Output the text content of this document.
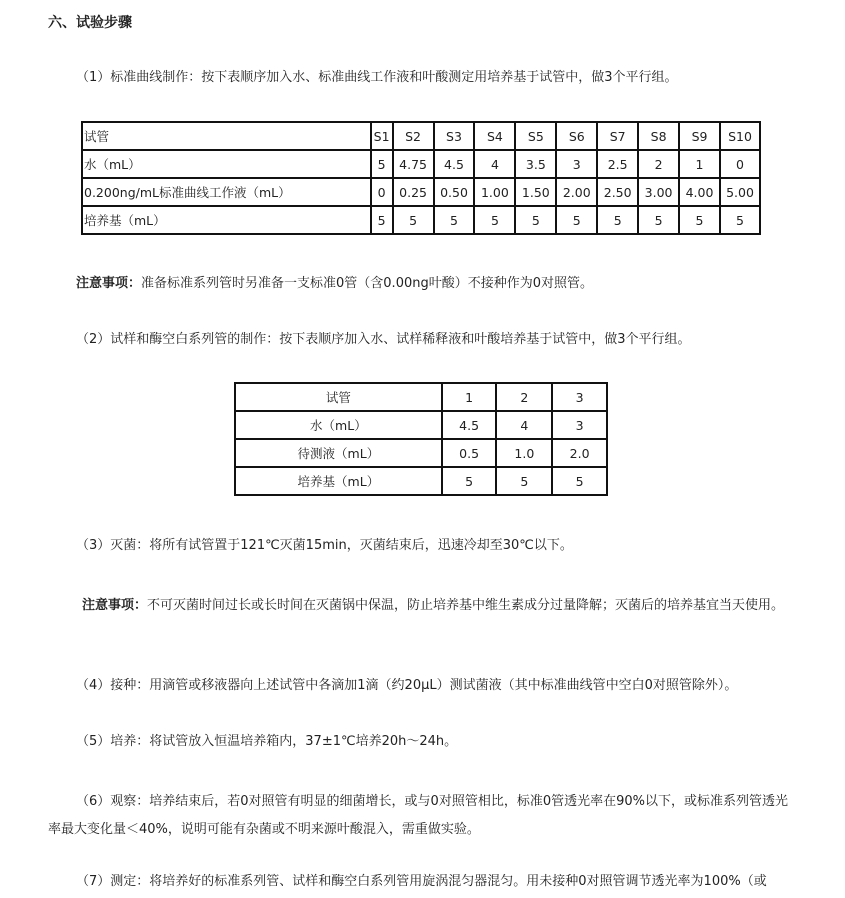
六、试验步骤
（1）标准曲线制作：按下表顺序加入水、标准曲线工作液和叶酸测定用培养基于试管中，做3个平行组。
试管	S1	S2	S3	S4	S5	S6	S7	S8	S9	S10
水（mL）	5	4.75	4.5	4	3.5	3	2.5	2	1	0
0.200ng/mL标准曲线工作液（mL）	0	0.25	0.50	1.00	1.50	2.00	2.50	3.00	4.00	5.00
培养基（mL）	5	5	5	5	5	5	5	5	5	5
注意事项：准备标准系列管时另准备一支标准0管（含0.00ng叶酸）不接种作为0对照管。
（2）试样和酶空白系列管的制作：按下表顺序加入水、试样稀释液和叶酸培养基于试管中，做3个平行组。
试管	1	2	3
水（mL）	4.5	4	3
待测液（mL）	0.5	1.0	2.0
培养基（mL）	5	5	5
（3）灭菌：将所有试管置于121℃灭菌15min，灭菌结束后，迅速冷却至30℃以下。
注意事项：不可灭菌时间过长或长时间在灭菌锅中保温，防止培养基中维生素成分过量降解；灭菌后的培养基宜当天使用。
（4）接种：用滴管或移液器向上述试管中各滴加1滴（约20μL）测试菌液（其中标准曲线管中空白0对照管除外）。
（5）培养：将试管放入恒温培养箱内，37±1℃培养20h～24h。
（6）观察：培养结束后，若0对照管有明显的细菌增长，或与0对照管相比，标准0管透光率在90%以下，或标准系列管透光率最大变化量＜40%，说明可能有杂菌或不明来源叶酸混入，需重做实验。
（7）测定：将培养好的标准系列管、试样和酶空白系列管用旋涡混匀器混匀。用未接种0对照管调节透光率为100%（或
